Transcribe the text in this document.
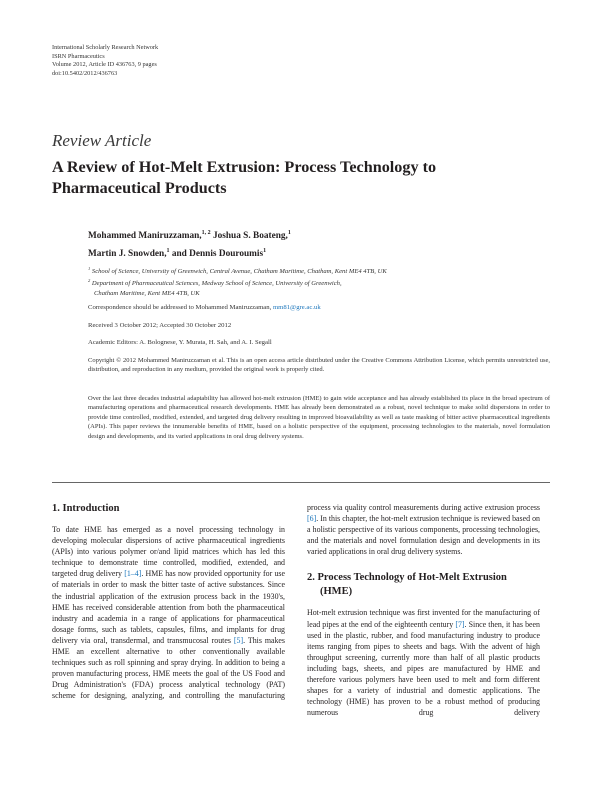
International Scholarly Research Network
ISRN Pharmaceutics
Volume 2012, Article ID 436763, 9 pages
doi:10.5402/2012/436763
Review Article
A Review of Hot-Melt Extrusion: Process Technology to
Pharmaceutical Products
Mohammed Maniruzzaman,$^{1, 2}$ Joshua S. Boateng,$^1$
Martin J. Snowden,$^1$ and Dennis Douroumis$^1$
$^1$ School of Science, University of Greenwich, Central Avenue, Chatham Maritime, Chatham, Kent ME4 4TB, UK
$^2$ Department of Pharmaceutical Sciences, Medway School of Science, University of Greenwich,
Chatham Maritime, Kent ME4 4TB, UK
Correspondence should be addressed to Mohammed Maniruzzaman, mm81@gre.ac.uk
Received 3 October 2012; Accepted 30 October 2012
Academic Editors: A. Bolognese, Y. Murata, H. Sah, and A. I. Segall
Copyright © 2012 Mohammed Maniruzzaman et al. This is an open access article distributed under the Creative Commons Attribution License, which permits unrestricted use, distribution, and reproduction in any medium, provided the original work is properly cited.
Over the last three decades industrial adaptability has allowed hot-melt extrusion (HME) to gain wide acceptance and has already established its place in the broad spectrum of manufacturing operations and pharmaceutical research developments. HME has already been demonstrated as a robust, novel technique to make solid dispersions in order to provide time controlled, modified, extended, and targeted drug delivery resulting in improved bioavailability as well as taste masking of bitter active pharmaceutical ingredients (APIs). This paper reviews the innumerable benefits of HME, based on a holistic perspective of the equipment, processing technologies to the materials, novel formulation design and developments, and its varied applications in oral drug delivery systems.
1. Introduction

To date HME has emerged as a novel processing technology in developing molecular dispersions of active pharmaceutical ingredients (APIs) into various polymer or/and lipid matrices which has led this technique to demonstrate time controlled, modified, extended, and targeted drug delivery [1–4]. HME has now provided opportunity for use of materials in order to mask the bitter taste of active substances. Since the industrial application of the extrusion process back in the 1930's, HME has received considerable attention from both the pharmaceutical industry and academia in a range of applications for pharmaceutical dosage forms, such as tablets, capsules, films, and implants for drug delivery via oral, transdermal, and transmucosal routes [5]. This makes HME an excellent alternative to other conventionally available techniques such as roll spinning and spray drying. In addition to being a proven manufacturing process, HME meets the goal of the US Food and Drug Administration's (FDA) process analytical technology (PAT) scheme for designing, analyzing, and controlling the manufacturing

process via quality control measurements during active extrusion process [6]. In this chapter, the hot-melt extrusion technique is reviewed based on a holistic perspective of its various components, processing technologies, and the materials and novel formulation design and developments in its varied applications in oral drug delivery systems.

2. Process Technology of Hot-Melt Extrusion (HME)

Hot-melt extrusion technique was first invented for the manufacturing of lead pipes at the end of the eighteenth century [7]. Since then, it has been used in the plastic, rubber, and food manufacturing industry to produce items ranging from pipes to sheets and bags. With the advent of high throughput screening, currently more than half of all plastic products including bags, sheets, and pipes are manufactured by HME and therefore various polymers have been used to melt and form different shapes for a variety of industrial and domestic applications. The technology (HME) has proven to be a robust method of producing numerous drug delivery
